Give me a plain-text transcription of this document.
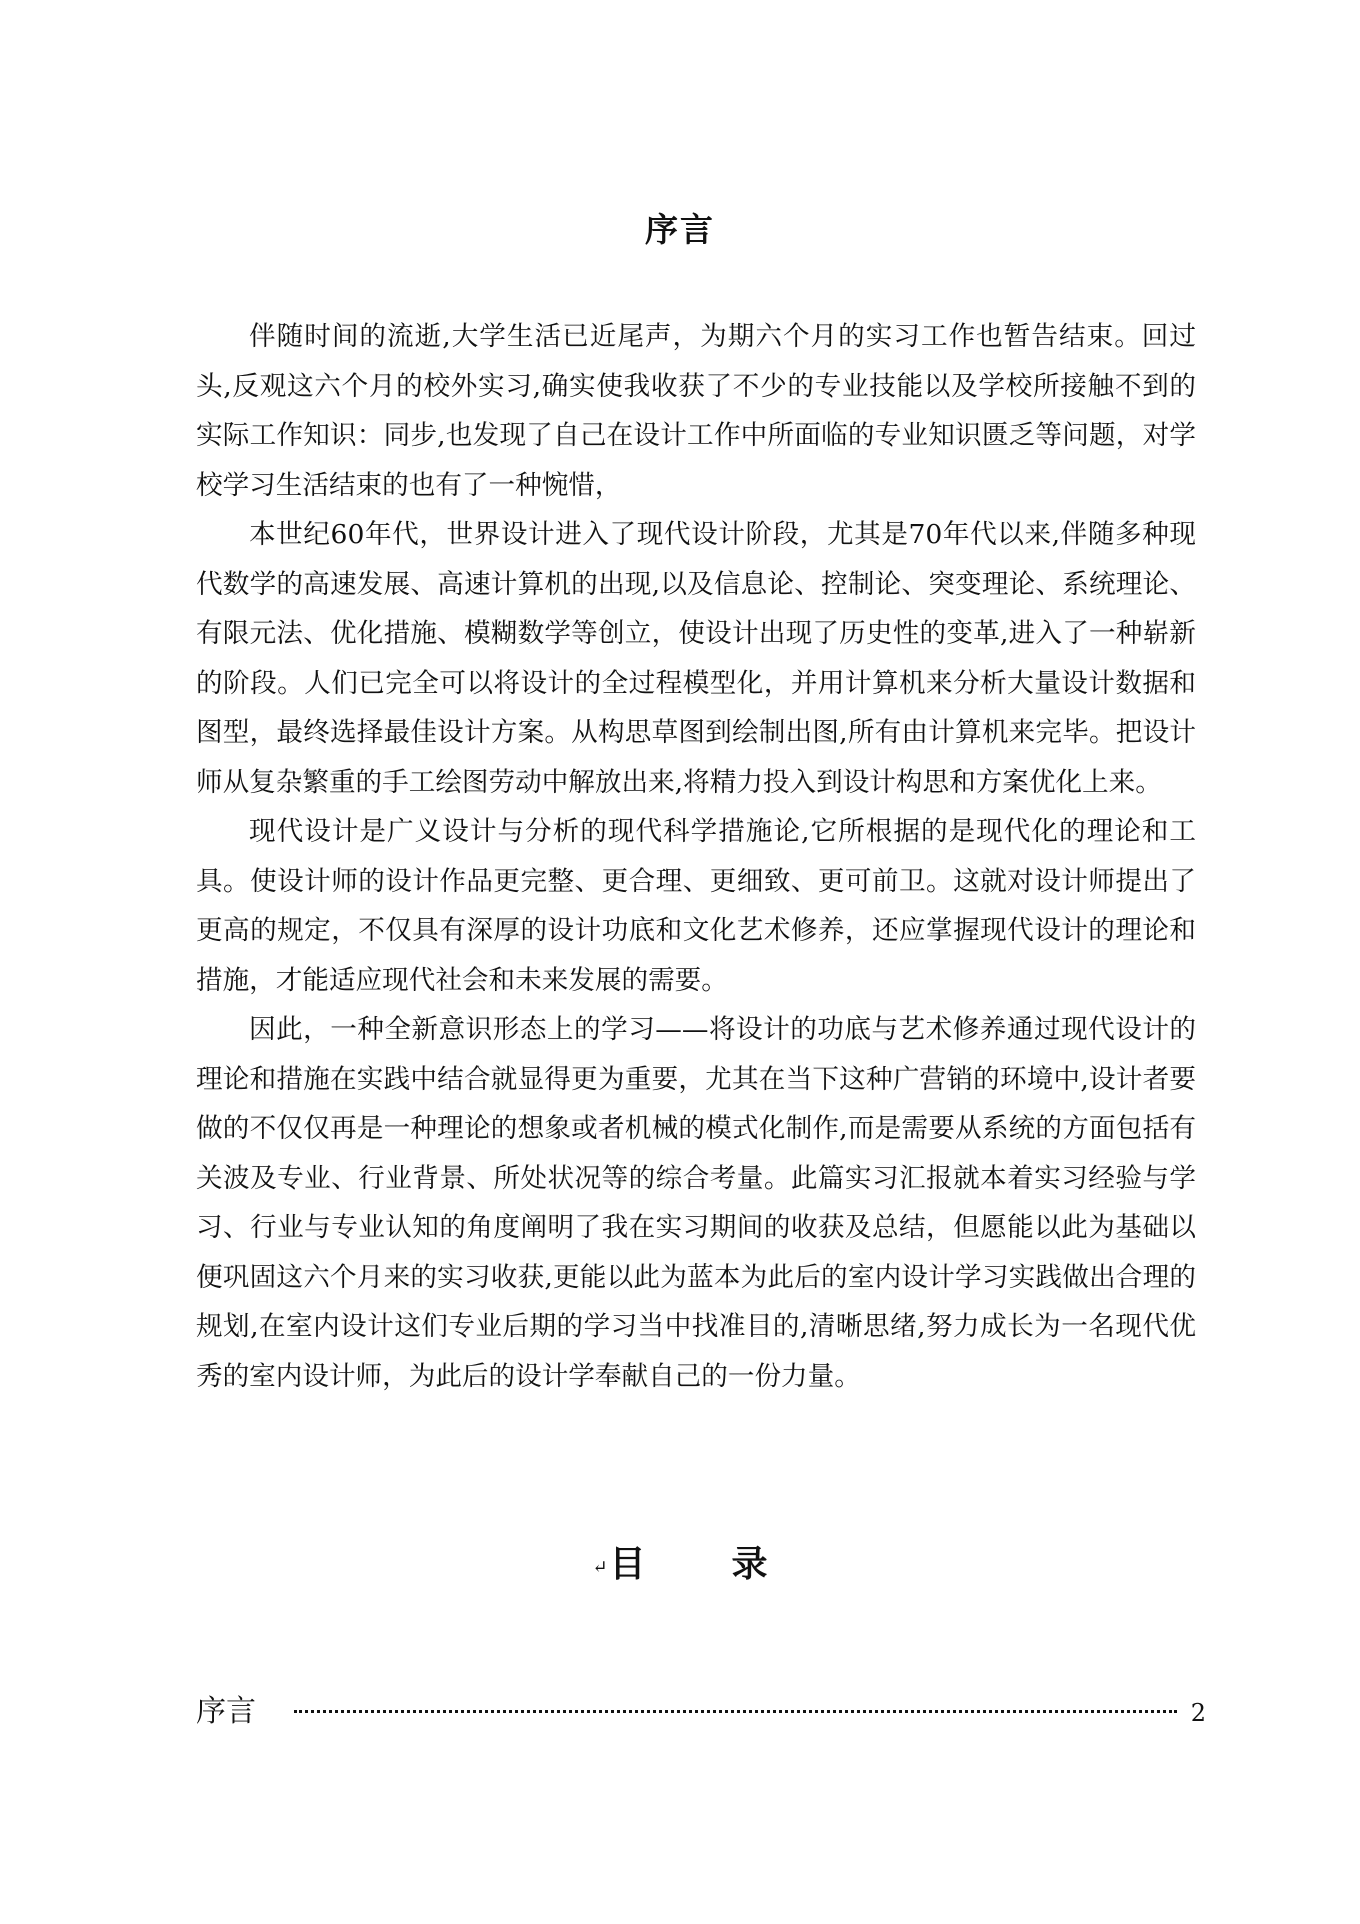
序言

伴随时间的流逝,大学生活已近尾声，为期六个月的实习工作也暂告结束。回过头,反观这六个月的校外实习,确实使我收获了不少的专业技能以及学校所接触不到的实际工作知识：同步,也发现了自己在设计工作中所面临的专业知识匮乏等问题，对学校学习生活结束的也有了一种惋惜，

本世纪60年代，世界设计进入了现代设计阶段，尤其是70年代以来,伴随多种现代数学的高速发展、高速计算机的出现,以及信息论、控制论、突变理论、系统理论、有限元法、优化措施、模糊数学等创立，使设计出现了历史性的变革,进入了一种崭新的阶段。人们已完全可以将设计的全过程模型化，并用计算机来分析大量设计数据和图型，最终选择最佳设计方案。从构思草图到绘制出图,所有由计算机来完毕。把设计师从复杂繁重的手工绘图劳动中解放出来,将精力投入到设计构思和方案优化上来。

现代设计是广义设计与分析的现代科学措施论,它所根据的是现代化的理论和工具。使设计师的设计作品更完整、更合理、更细致、更可前卫。这就对设计师提出了更高的规定，不仅具有深厚的设计功底和文化艺术修养，还应掌握现代设计的理论和措施，才能适应现代社会和未来发展的需要。

因此，一种全新意识形态上的学习——将设计的功底与艺术修养通过现代设计的理论和措施在实践中结合就显得更为重要，尤其在当下这种广营销的环境中,设计者要做的不仅仅再是一种理论的想象或者机械的模式化制作,而是需要从系统的方面包括有关波及专业、行业背景、所处状况等的综合考量。此篇实习汇报就本着实习经验与学习、行业与专业认知的角度阐明了我在实习期间的收获及总结，但愿能以此为基础以便巩固这六个月来的实习收获,更能以此为蓝本为此后的室内设计学习实践做出合理的规划,在室内设计这们专业后期的学习当中找准目的,清晰思绪,努力成长为一名现代优秀的室内设计师，为此后的设计学奉献自己的一份力量。

↵目 录
序言	2
